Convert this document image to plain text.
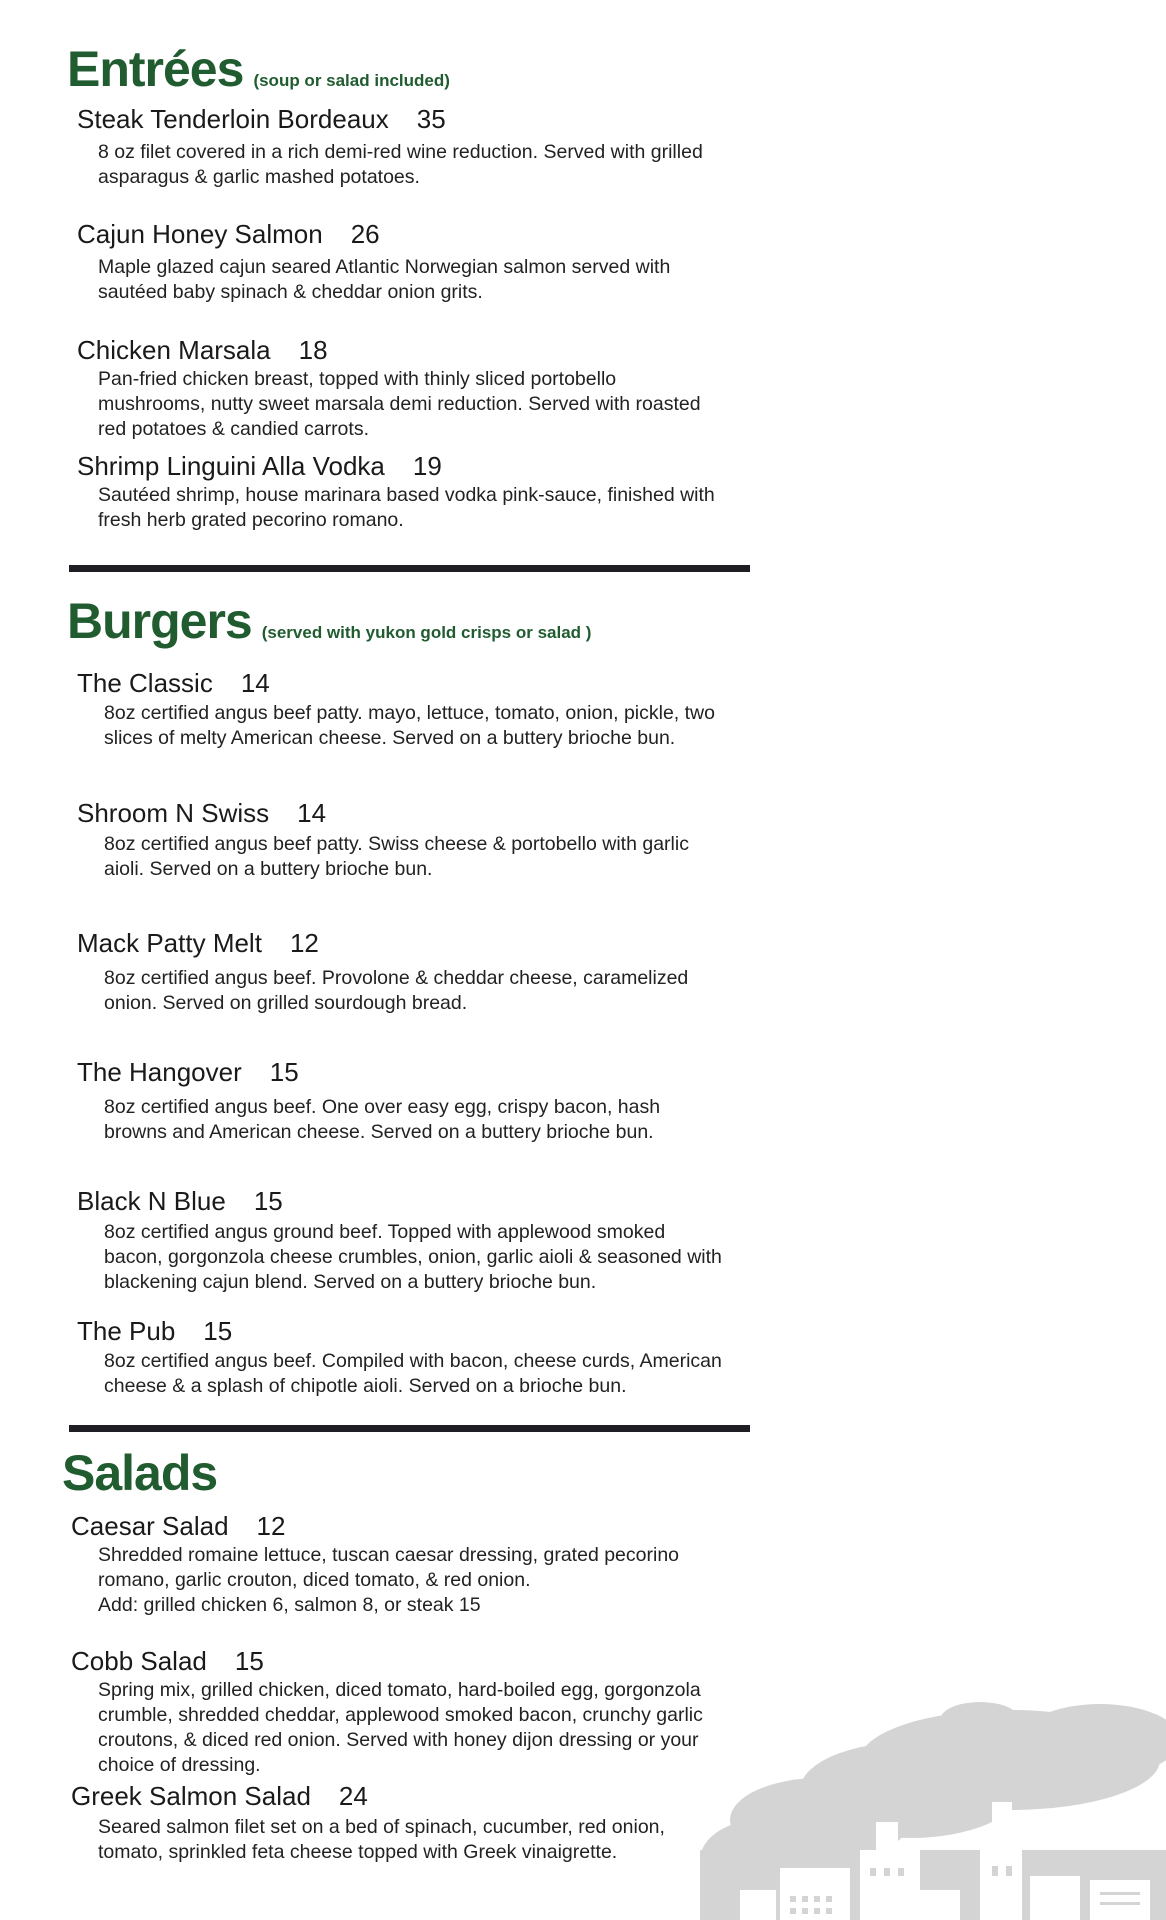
Entrées (soup or salad included)
Steak Tenderloin Bordeaux 35
8 oz filet covered in a rich demi-red wine reduction. Served with grilled
asparagus & garlic mashed potatoes.
Cajun Honey Salmon 26
Maple glazed cajun seared Atlantic Norwegian salmon served with
sautéed baby spinach & cheddar onion grits.
Chicken Marsala 18
Pan-fried chicken breast, topped with thinly sliced portobello
mushrooms, nutty sweet marsala demi reduction. Served with roasted
red potatoes & candied carrots.
Shrimp Linguini Alla Vodka 19
Sautéed shrimp, house marinara based vodka pink-sauce, finished with
fresh herb grated pecorino romano.
Burgers (served with yukon gold crisps or salad )
The Classic 14
8oz certified angus beef patty. mayo, lettuce, tomato, onion, pickle, two
slices of melty American cheese. Served on a buttery brioche bun.
Shroom N Swiss 14
8oz certified angus beef patty. Swiss cheese & portobello with garlic
aioli. Served on a buttery brioche bun.
Mack Patty Melt 12
8oz certified angus beef. Provolone & cheddar cheese, caramelized
onion. Served on grilled sourdough bread.
The Hangover 15
8oz certified angus beef. One over easy egg, crispy bacon, hash
browns and American cheese. Served on a buttery brioche bun.
Black N Blue 15
8oz certified angus ground beef. Topped with applewood smoked
bacon, gorgonzola cheese crumbles, onion, garlic aioli & seasoned with
blackening cajun blend. Served on a buttery brioche bun.
The Pub 15
8oz certified angus beef. Compiled with bacon, cheese curds, American
cheese & a splash of chipotle aioli. Served on a brioche bun.
Salads
Caesar Salad 12
Shredded romaine lettuce, tuscan caesar dressing, grated pecorino
romano, garlic crouton, diced tomato, & red onion.
Add: grilled chicken 6, salmon 8, or steak 15
Cobb Salad 15
Spring mix, grilled chicken, diced tomato, hard-boiled egg, gorgonzola
crumble, shredded cheddar, applewood smoked bacon, crunchy garlic
croutons, & diced red onion. Served with honey dijon dressing or your
choice of dressing.
Greek Salmon Salad 24
Seared salmon filet set on a bed of spinach, cucumber, red onion,
tomato, sprinkled feta cheese topped with Greek vinaigrette.
